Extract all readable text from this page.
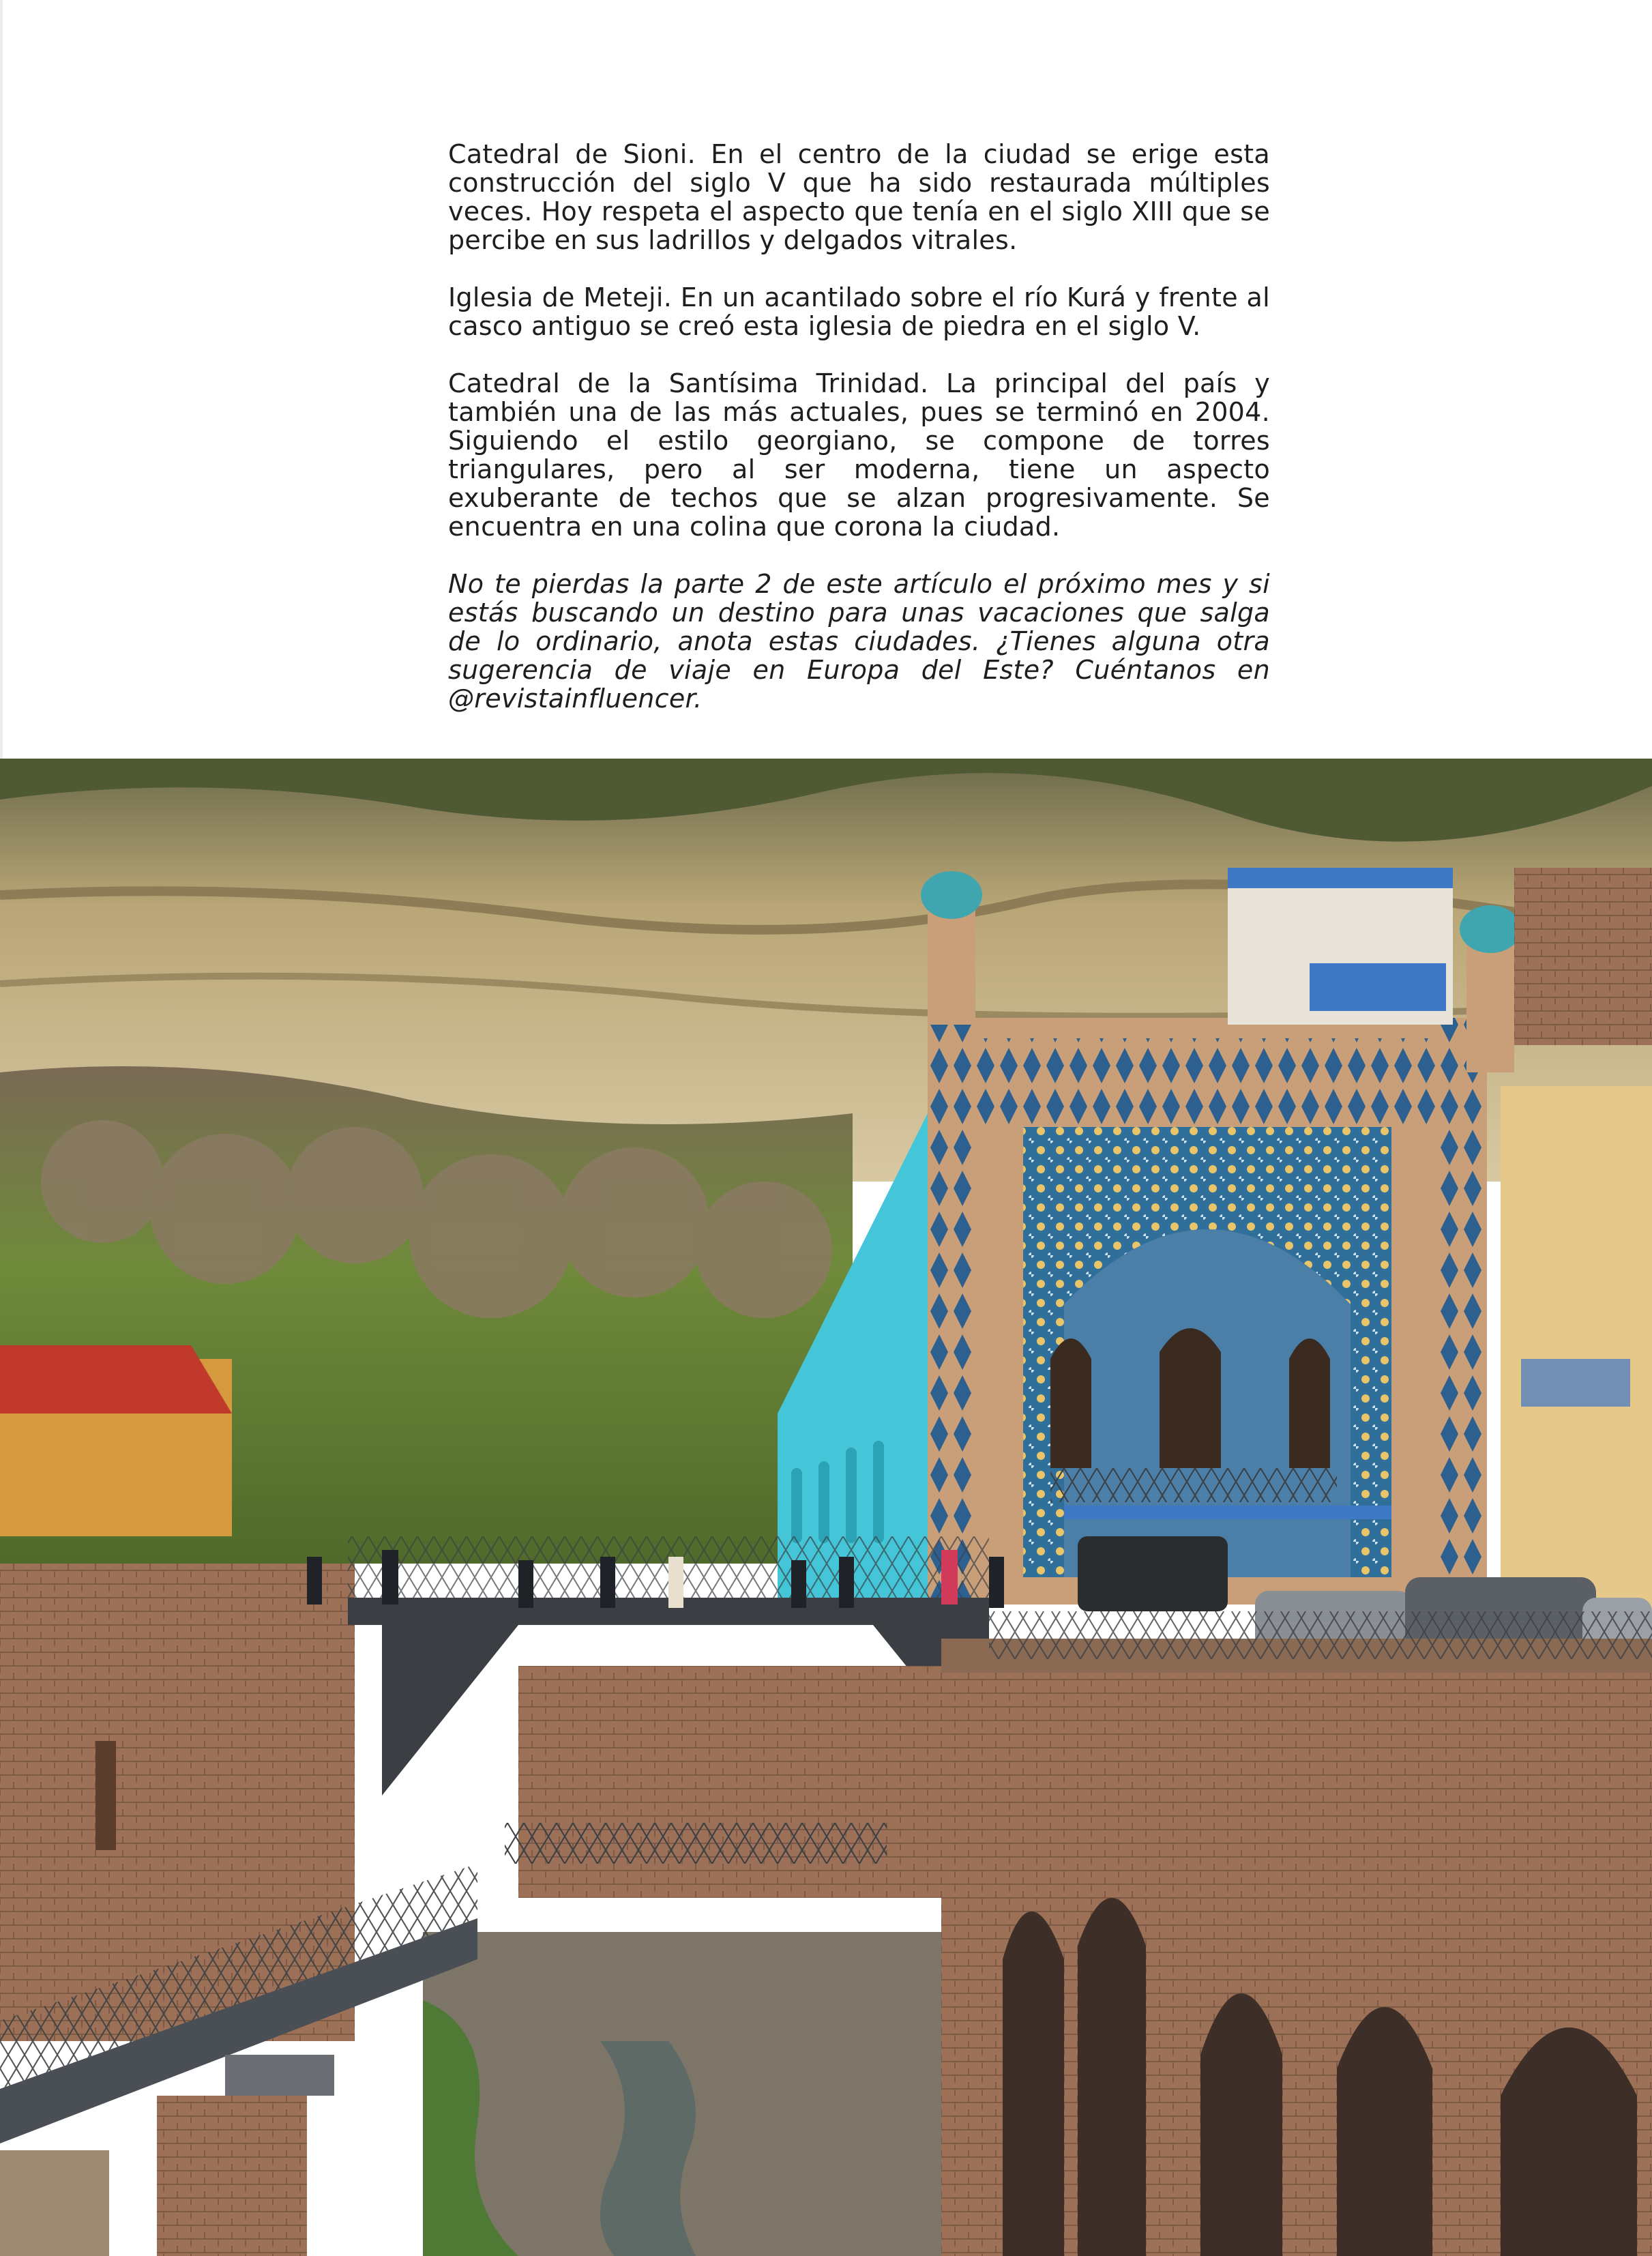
Catedral de Sioni. En el centro de la ciudad se erige esta construcción del siglo V que ha sido restaurada múltiples veces. Hoy respeta el aspecto que tenía en el siglo XIII que se percibe en sus ladrillos y delgados vitrales.

Iglesia de Meteji. En un acantilado sobre el río Kurá y frente al casco antiguo se creó esta iglesia de piedra en el siglo V.

Catedral de la Santísima Trinidad. La principal del país y también una de las más actuales, pues se terminó en 2004. Siguiendo el estilo georgiano, se compone de torres triangulares, pero al ser moderna, tiene un aspecto exuberante de techos que se alzan progresivamente. Se encuentra en una colina que corona la ciudad.

No te pierdas la parte 2 de este artículo el próximo mes y si estás buscando un destino para unas vacaciones que salga de lo ordinario, anota estas ciudades. ¿Tienes alguna otra sugerencia de viaje en Europa del Este? Cuéntanos en @revistainfluencer.
